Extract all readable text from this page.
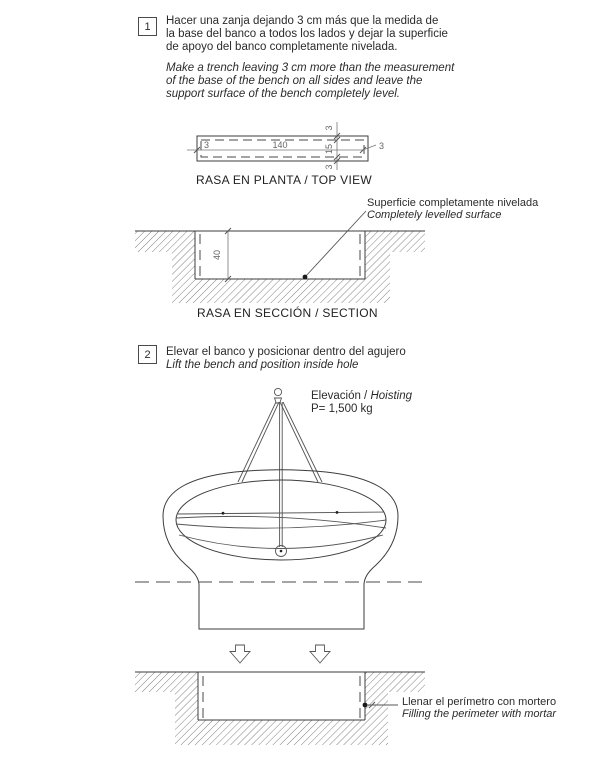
1 Hacer una zanja dejando 3 cm más que la medida de
la base del banco a todos los lados y dejar la superficie
de apoyo del banco completamente nivelada.
Make a trench leaving 3 cm more than the measurement
of the base of the bench on all sides and leave the
support surface of the bench completely level.
3	140	3
3
15
3
RASA EN PLANTA / TOP VIEW
40
Superficie completamente nivelada
Completely levelled surface
RASA EN SECCIÓN / SECTION
2 Elevar el banco y posicionar dentro del agujero
Lift the bench and position inside hole
Elevación / Hoisting
P= 1,500 kg
Llenar el perímetro con mortero
Filling the perimeter with mortar
